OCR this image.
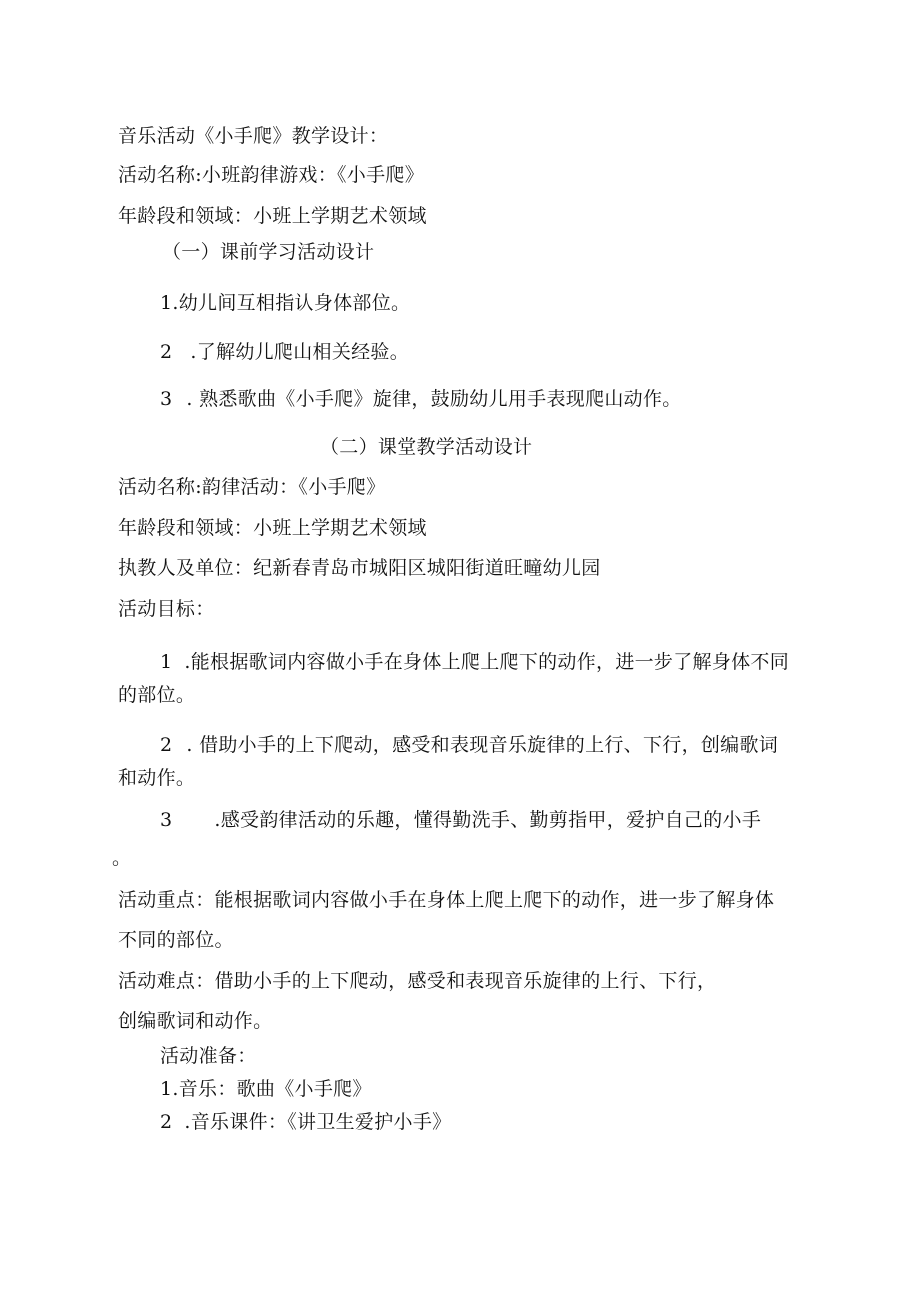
音乐活动《小手爬》教学设计：
活动名称:小班韵律游戏：《小手爬》
年龄段和领域：小班上学期艺术领域
（一）课前学习活动设计
1.幼儿间互相指认身体部位。
2 .了解幼儿爬山相关经验。
3 . 熟悉歌曲《小手爬》旋律，鼓励幼儿用手表现爬山动作。
（二）课堂教学活动设计
活动名称:韵律活动：《小手爬》
年龄段和领域：小班上学期艺术领域
执教人及单位：纪新春青岛市城阳区城阳街道旺疃幼儿园
活动目标：
1 .能根据歌词内容做小手在身体上爬上爬下的动作，进一步了解身体不同
的部位。
2 . 借助小手的上下爬动，感受和表现音乐旋律的上行、下行，创编歌词
和动作。
3 .感受韵律活动的乐趣，懂得勤洗手、勤剪指甲，爱护自己的小手
。
活动重点：能根据歌词内容做小手在身体上爬上爬下的动作，进一步了解身体
不同的部位。
活动难点：借助小手的上下爬动，感受和表现音乐旋律的上行、下行，
创编歌词和动作。
活动准备：
1.音乐：歌曲《小手爬》
2 .音乐课件：《讲卫生爱护小手》
